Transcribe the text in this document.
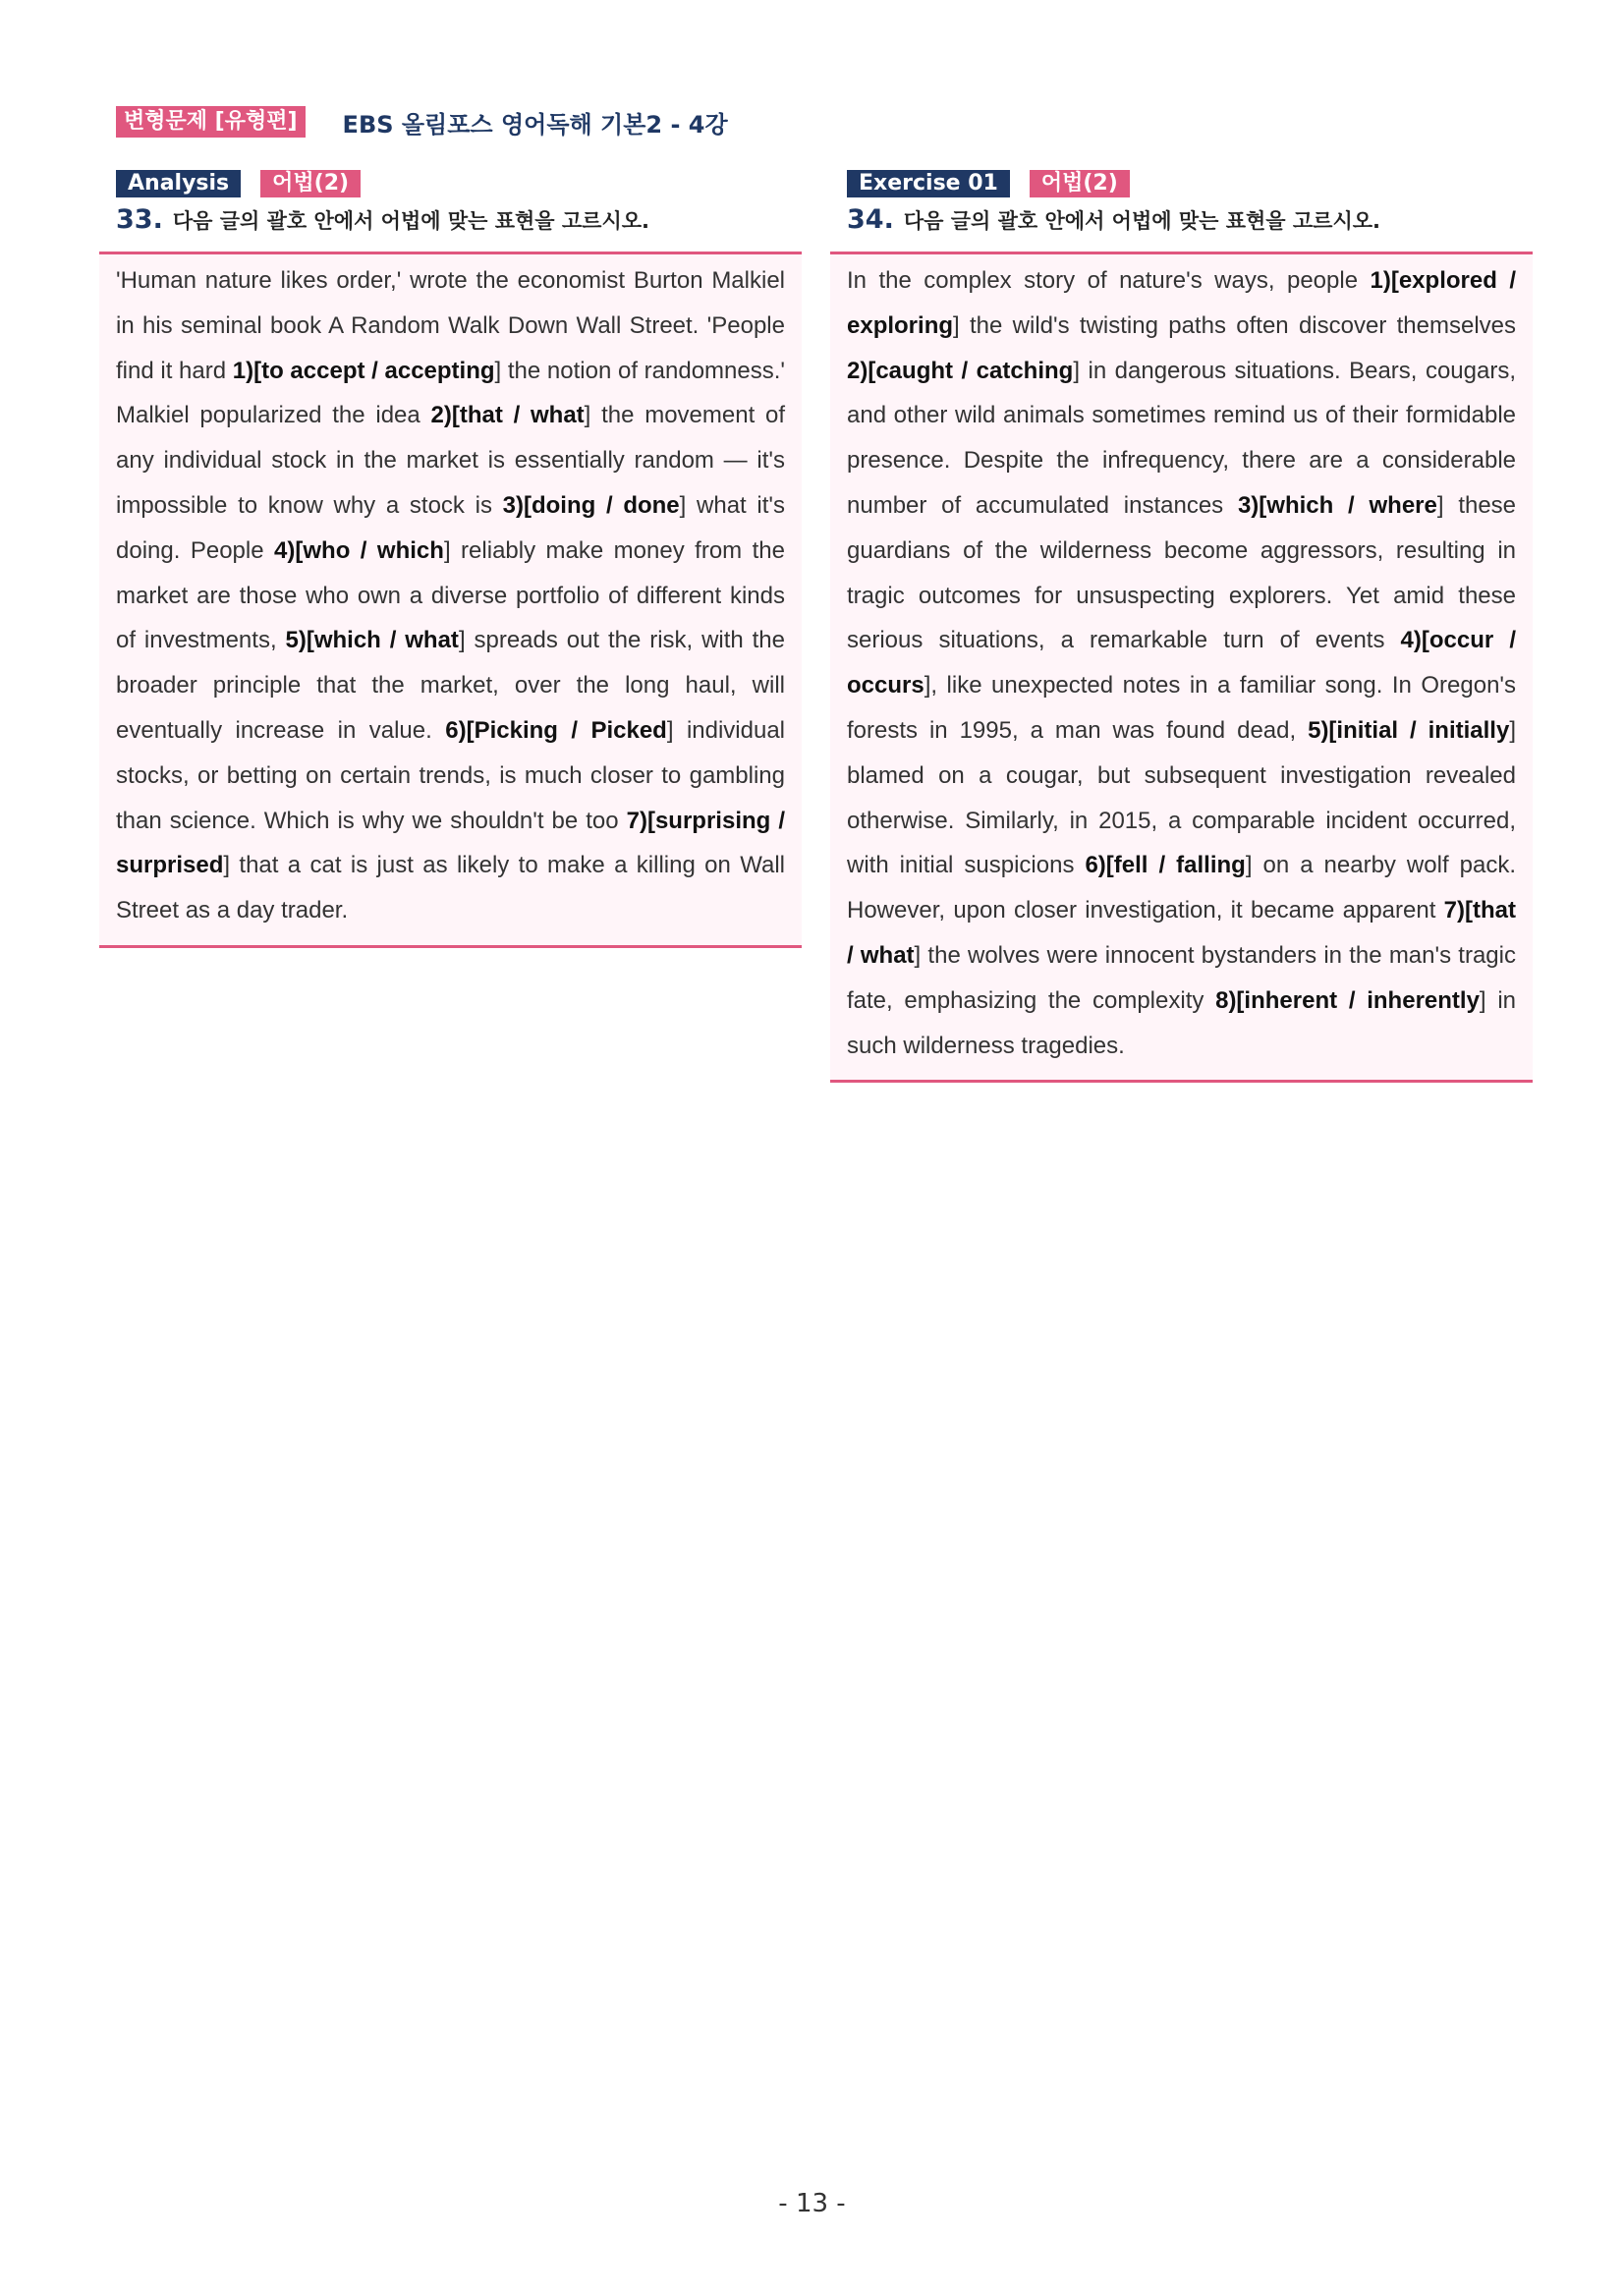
변형문제 [유형편]	EBS 올림포스 영어독해 기본2 - 4강
Analysis	어법(2)
33. 다음 글의 괄호 안에서 어법에 맞는 표현을 고르시오.
'Human nature likes order,' wrote the economist Burton Malkiel in his seminal book A Random Walk Down Wall Street. 'People find it hard 1)[to accept / accepting] the notion of randomness.' Malkiel popularized the idea 2)[that / what] the movement of any individual stock in the market is essentially random — it's impossible to know why a stock is 3)[doing / done] what it's doing. People 4)[who / which] reliably make money from the market are those who own a diverse portfolio of different kinds of investments, 5)[which / what] spreads out the risk, with the broader principle that the market, over the long haul, will eventually increase in value. 6)[Picking / Picked] individual stocks, or betting on certain trends, is much closer to gambling than science. Which is why we shouldn't be too 7)[surprising / surprised] that a cat is just as likely to make a killing on Wall Street as a day trader.
Exercise 01	어법(2)
34. 다음 글의 괄호 안에서 어법에 맞는 표현을 고르시오.
In the complex story of nature's ways, people 1)[explored / exploring] the wild's twisting paths often discover themselves 2)[caught / catching] in dangerous situations. Bears, cougars, and other wild animals sometimes remind us of their formidable presence. Despite the infrequency, there are a considerable number of accumulated instances 3)[which / where] these guardians of the wilderness become aggressors, resulting in tragic outcomes for unsuspecting explorers. Yet amid these serious situations, a remarkable turn of events 4)[occur / occurs], like unexpected notes in a familiar song. In Oregon's forests in 1995, a man was found dead, 5)[initial / initially] blamed on a cougar, but subsequent investigation revealed otherwise. Similarly, in 2015, a comparable incident occurred, with initial suspicions 6)[fell / falling] on a nearby wolf pack. However, upon closer investigation, it became apparent 7)[that / what] the wolves were innocent bystanders in the man's tragic fate, emphasizing the complexity 8)[inherent / inherently] in such wilderness tragedies.
- 13 -
